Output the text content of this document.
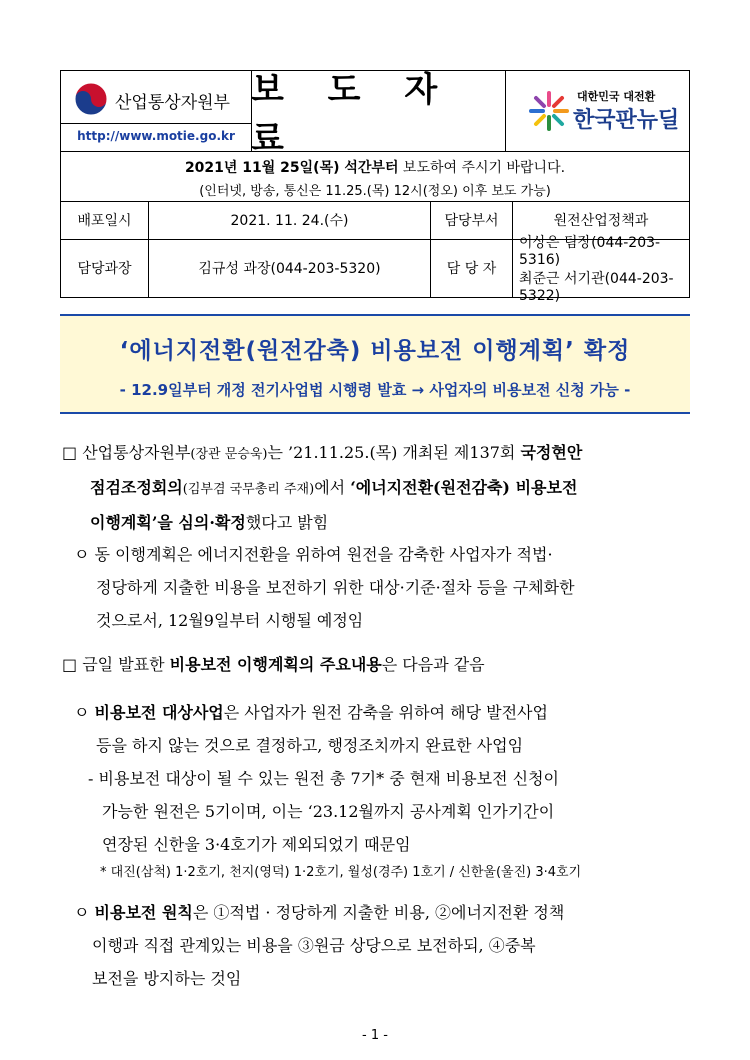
산업통상자원부
http://www.motie.go.kr
보 도 자 료
대한민국 대전환
한국판뉴딜
2021년 11월 25일(목) 석간부터 보도하여 주시기 바랍니다.
(인터넷, 방송, 통신은 11.25.(목) 12시(정오) 이후 보도 가능)
배포일시	2021. 11. 24.(수)	담당부서	원전산업정책과
담당과장	김규성 과장(044-203-5320)	담 당 자
이상은 팀장(044-203-5316)
최준근 서기관(044-203-5322)
‘에너지전환(원전감축) 비용보전 이행계획’ 확정
- 12.9일부터 개정 전기사업법 시행령 발효 → 사업자의 비용보전 신청 가능 -
□ 산업통상자원부(장관 문승욱)는 ’21.11.25.(목) 개최된 제137회 국정현안
점검조정회의(김부겸 국무총리 주재)에서 ‘에너지전환(원전감축) 비용보전
이행계획’을 심의·확정했다고 밝힘
ㅇ 동 이행계획은 에너지전환을 위하여 원전을 감축한 사업자가 적법·
정당하게 지출한 비용을 보전하기 위한 대상·기준·절차 등을 구체화한
것으로서, 12월9일부터 시행될 예정임
□ 금일 발표한 비용보전 이행계획의 주요내용은 다음과 같음
ㅇ 비용보전 대상사업은 사업자가 원전 감축을 위하여 해당 발전사업
등을 하지 않는 것으로 결정하고, 행정조치까지 완료한 사업임
- 비용보전 대상이 될 수 있는 원전 총 7기* 중 현재 비용보전 신청이
가능한 원전은 5기이며, 이는 ‘23.12월까지 공사계획 인가기간이
연장된 신한울 3·4호기가 제외되었기 때문임
* 대진(삼척) 1·2호기, 천지(영덕) 1·2호기, 월성(경주) 1호기 / 신한울(울진) 3·4호기
ㅇ 비용보전 원칙은 ①적법 · 정당하게 지출한 비용, ②에너지전환 정책
이행과 직접 관계있는 비용을 ③원금 상당으로 보전하되, ④중복
보전을 방지하는 것임
- 1 -
